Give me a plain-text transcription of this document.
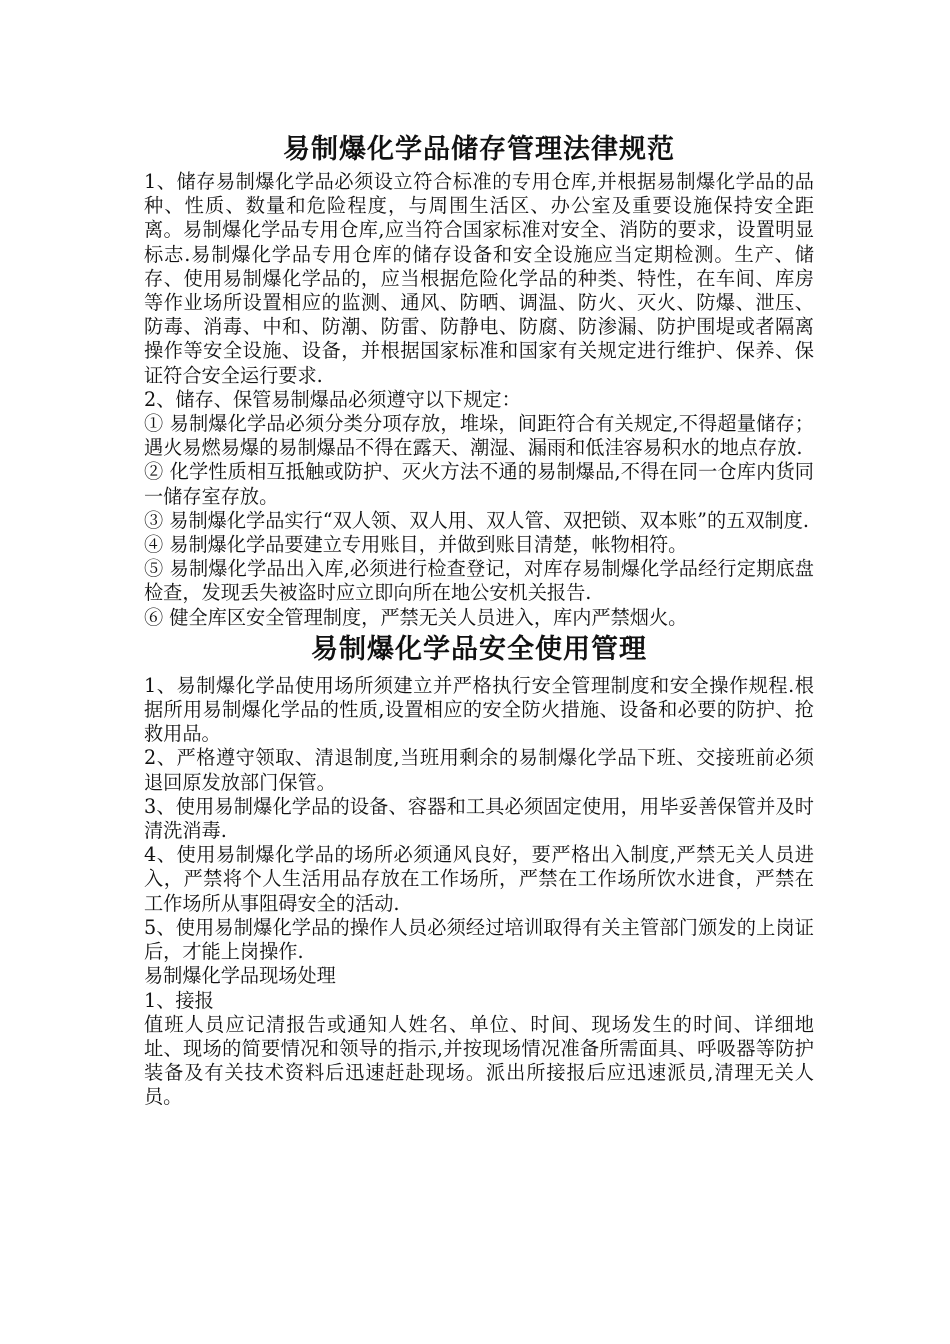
易制爆化学品储存管理法律规范

1、储存易制爆化学品必须设立符合标准的专用仓库,并根据易制爆化学品的品种、性质、数量和危险程度，与周围生活区、办公室及重要设施保持安全距离。易制爆化学品专用仓库,应当符合国家标准对安全、消防的要求，设置明显标志.易制爆化学品专用仓库的储存设备和安全设施应当定期检测。生产、储存、使用易制爆化学品的，应当根据危险化学品的种类、特性，在车间、库房等作业场所设置相应的监测、通风、防晒、调温、防火、灭火、防爆、泄压、防毒、消毒、中和、防潮、防雷、防静电、防腐、防渗漏、防护围堤或者隔离操作等安全设施、设备，并根据国家标准和国家有关规定进行维护、保养、保证符合安全运行要求.

2、储存、保管易制爆品必须遵守以下规定：

① 易制爆化学品必须分类分项存放，堆垛，间距符合有关规定,不得超量储存；遇火易燃易爆的易制爆品不得在露天、潮湿、漏雨和低洼容易积水的地点存放.

② 化学性质相互抵触或防护、灭火方法不通的易制爆品,不得在同一仓库内货同一储存室存放。

③ 易制爆化学品实行“双人领、双人用、双人管、双把锁、双本账”的五双制度.

④ 易制爆化学品要建立专用账目，并做到账目清楚，帐物相符。

⑤ 易制爆化学品出入库,必须进行检查登记，对库存易制爆化学品经行定期底盘检查，发现丢失被盗时应立即向所在地公安机关报告.

⑥ 健全库区安全管理制度，严禁无关人员进入，库内严禁烟火。

易制爆化学品安全使用管理

1、易制爆化学品使用场所须建立并严格执行安全管理制度和安全操作规程.根据所用易制爆化学品的性质,设置相应的安全防火措施、设备和必要的防护、抢救用品。

2、严格遵守领取、清退制度,当班用剩余的易制爆化学品下班、交接班前必须退回原发放部门保管。

3、使用易制爆化学品的设备、容器和工具必须固定使用，用毕妥善保管并及时清洗消毒.

4、使用易制爆化学品的场所必须通风良好，要严格出入制度,严禁无关人员进入，严禁将个人生活用品存放在工作场所，严禁在工作场所饮水进食，严禁在工作场所从事阻碍安全的活动.

5、使用易制爆化学品的操作人员必须经过培训取得有关主管部门颁发的上岗证后，才能上岗操作.

易制爆化学品现场处理

1、接报

值班人员应记清报告或通知人姓名、单位、时间、现场发生的时间、详细地址、现场的简要情况和领导的指示,并按现场情况准备所需面具、呼吸器等防护装备及有关技术资料后迅速赶赴现场。派出所接报后应迅速派员,清理无关人员。
